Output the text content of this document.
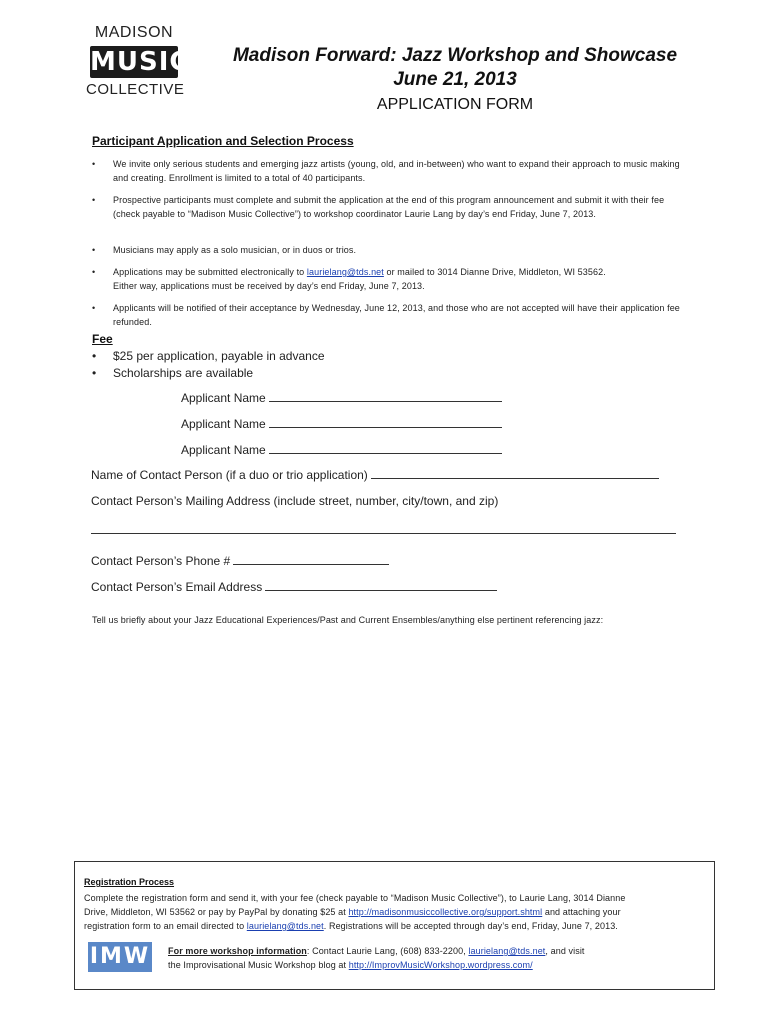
MADISON
MUSIC
COLLECTIVE
Madison Forward: Jazz Workshop and Showcase
June 21, 2013
APPLICATION FORM
Participant Application and Selection Process
• We invite only serious students and emerging jazz artists (young, old, and in-between) who want to expand their approach to music making and creating. Enrollment is limited to a total of 40 participants.
• Prospective participants must complete and submit the application at the end of this program announcement and submit it with their fee (check payable to “Madison Music Collective”) to workshop coordinator Laurie Lang by day’s end Friday, June 7, 2013.
• Musicians may apply as a solo musician, or in duos or trios.
• Applications may be submitted electronically to laurielang@tds.net or mailed to 3014 Dianne Drive, Middleton, WI 53562.
Either way, applications must be received by day’s end Friday, June 7, 2013.
• Applicants will be notified of their acceptance by Wednesday, June 12, 2013, and those who are not accepted will have their application fee refunded.
Fee
• $25 per application, payable in advance
• Scholarships are available
Applicant Name
Applicant Name
Applicant Name
Name of Contact Person (if a duo or trio application)
Contact Person’s Mailing Address (include street, number, city/town, and zip)
Contact Person’s Phone #
Contact Person’s Email Address
Tell us briefly about your Jazz Educational Experiences/Past and Current Ensembles/anything else pertinent referencing jazz:
Registration Process
Complete the registration form and send it, with your fee (check payable to “Madison Music Collective”), to Laurie Lang, 3014 Dianne
Drive, Middleton, WI 53562 or pay by PayPal by donating $25 at http://madisonmusiccollective.org/support.shtml and attaching your
registration form to an email directed to laurielang@tds.net. Registrations will be accepted through day’s end, Friday, June 7, 2013.
IMW For more workshop information: Contact Laurie Lang, (608) 833-2200, laurielang@tds.net, and visit
the Improvisational Music Workshop blog at http://ImprovMusicWorkshop.wordpress.com/
